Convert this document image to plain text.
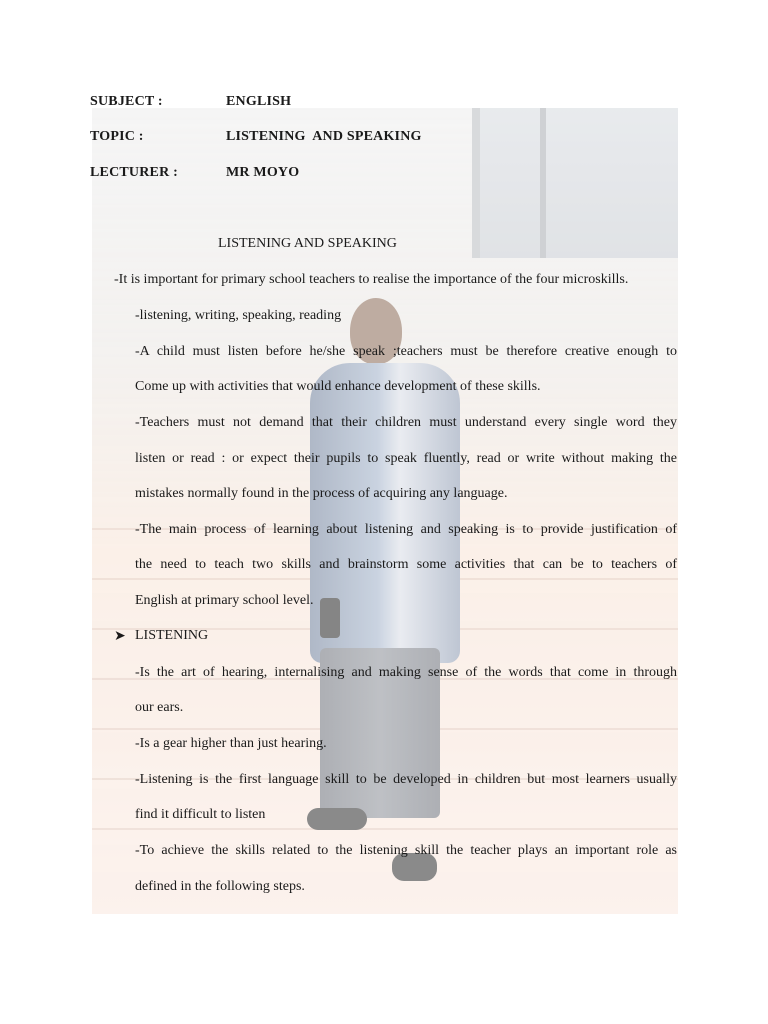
SUBJECT :	ENGLISH
TOPIC :	LISTENING  AND SPEAKING
LECTURER :	MR MOYO
LISTENING AND SPEAKING
-It is important for primary school teachers to realise the importance of the four microskills.
-listening, writing, speaking, reading
-A child must listen before he/she speak ;teachers must be therefore creative enough to
Come up with activities that would enhance development of these skills.
-Teachers must not demand that their children must understand every single word they
listen or read : or expect their pupils to speak fluently, read or write without making the
mistakes normally found in the process of acquiring any language.
-The main process of learning about listening and speaking is to provide justification of
the need to teach two skills and brainstorm some activities that can be to teachers of
English at primary school level.
➤ LISTENING
-Is the art of hearing, internalising and making sense of the words that come in through
our ears.
-Is a gear higher than just hearing.
-Listening is the first language skill to be developed in children but most learners usually
find it difficult to listen
-To achieve the skills related to the listening skill the teacher plays an important role as
defined in the following steps.
